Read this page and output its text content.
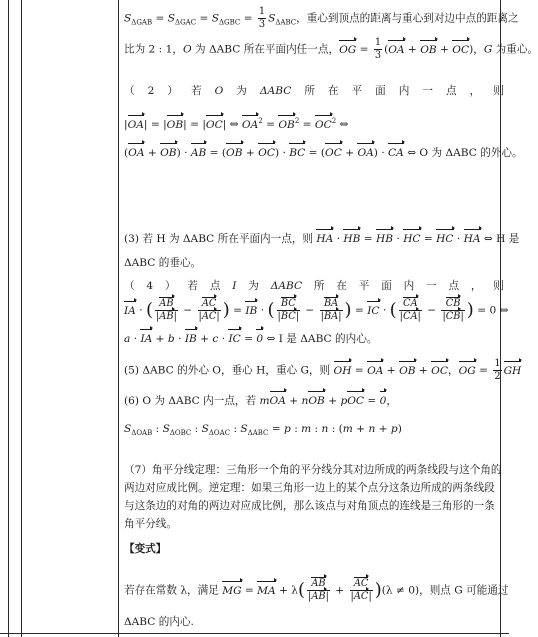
$S_{\Delta GAB} = S_{\Delta GAC} = S_{\Delta GBC} = \frac{1}{3} S_{\Delta ABC}$，重心到顶点的距离与重心到对边中点的距离之
比为 2 : 1，O 为 ΔABC 所在平面内任一点，OG = $\frac{1}{3} (OA$ + OB + OC)，G 为重心。
（ 2 ） 若 O 为 ΔABC 所 在 平 面 内 一 点 ， 则
|OA| = |OB| = |OC| ⇔ $OA^2 = OB^2 = OC^2$ ⇔
(OA + OB) · AB = (OB + OC) · BC = (OC + OA) · CA ⇔ O 为 ΔABC 的外心。
(3) 若 H 为 ΔABC 所在平面内一点，则 HA · HB = HB · HC = HC · HA ⇔ H 是
ΔABC 的垂心。
（ 4 ） 若 点 I 为 ΔABC 所 在 平 面 内 一 点 ， 则
IA · ( $\frac{AB}{|AB|} - \frac{AC}{|AC|}$ ) = IB · ( $\frac{BC}{|BC|} - \frac{BA}{|BA|}$ ) = IC · ( $\frac{CA}{|CA|} - \frac{CB}{|CB|}$ ) = 0 ⇔
a · IA + b · IB + c · IC = 0 ⇔ I 是 ΔABC 的内心。
(5) ΔABC 的外心 O，垂心 H，重心 G，则 OH = OA + OB + OC，OG = $\frac{1}{2}$ GH
(6) O 为 ΔABC 内一点，若 mOA + nOB + pOC = 0，
$S_{\Delta OAB}$ : $S_{\Delta OBC}$ : $S_{\Delta OAC}$ : $S_{\Delta ABC} = p$ : m : n : (m + n + p)
（7）角平分线定理：三角形一个角的平分线分其对边所成的两条线段与这个角的两边对应成比例。逆定理：如果三角形一边上的某个点分这条边所成的两条线段与这条边的对角的两边对应成比例，那么该点与对角顶点的连线是三角形的一条角平分线。
【变式】
若存在常数 λ，满足 MG = MA + $\lambda( \frac{AB}{|AB|} + \frac{AC}{|AC|} )(\lambda \ne 0)$，则点 G 可能通过
ΔABC 的内心.
